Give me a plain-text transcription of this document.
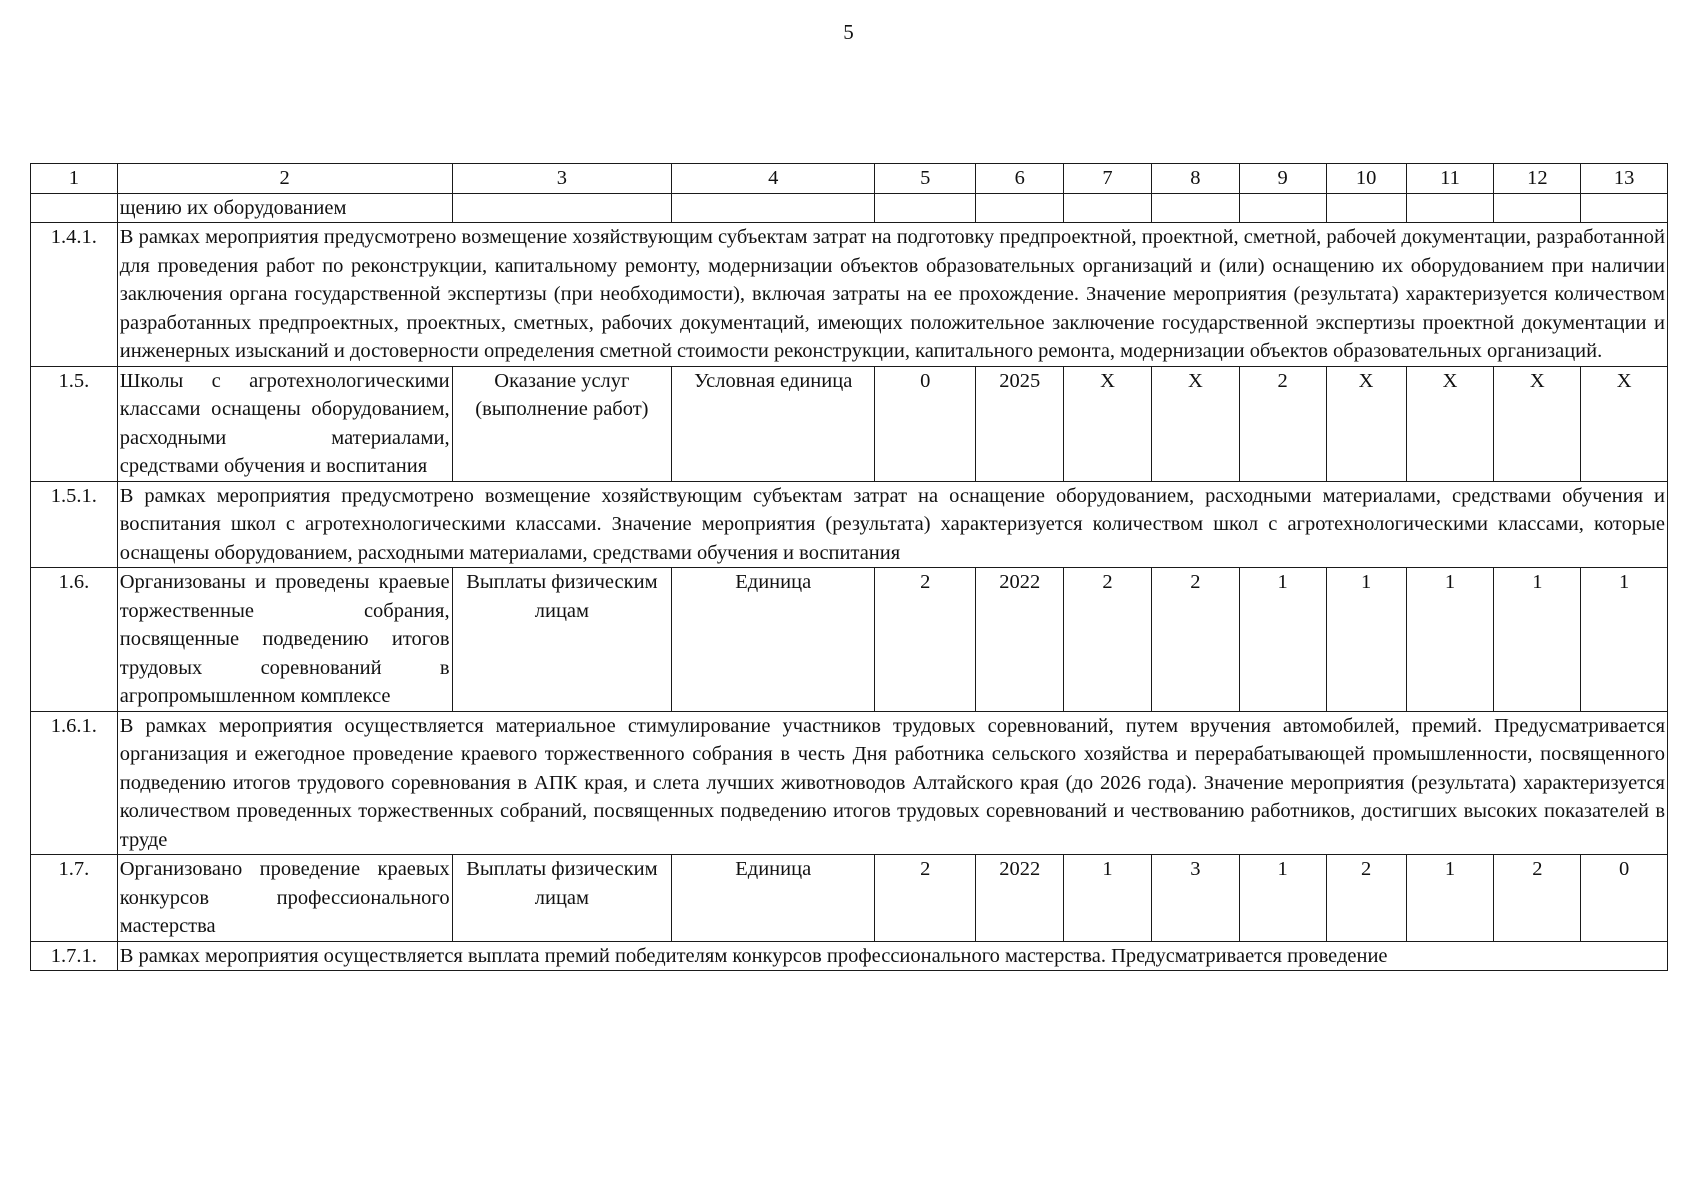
5
1	2	3	4	5	6	7	8	9	10	11	12	13
	щению их оборудованием											
1.4.1.	В рамках мероприятия предусмотрено возмещение хозяйствующим субъектам затрат на подготовку предпроектной, проектной, сметной, рабочей документации, разработанной для проведения работ по реконструкции, капитальному ремонту, модернизации объектов образовательных организаций и (или) оснащению их оборудованием при наличии заключения органа государственной экспертизы (при необходимости), включая затраты на ее прохождение. Значение мероприятия (результата) характеризуется количеством разработанных предпроектных, проектных, сметных, рабочих документаций, имеющих положительное заключение государственной экспертизы проектной документации и инженерных изысканий и достоверности определения сметной стоимости реконструкции, капитального ремонта, модернизации объектов образовательных организаций.											
1.5.	Школы с агротехнологическими классами оснащены оборудованием, расходными материалами, средствами обучения и воспитания	Оказание услуг (выполнение работ)	Условная единица	0	2025	X	X	2	X	X	X	X
1.5.1.	В рамках мероприятия предусмотрено возмещение хозяйствующим субъектам затрат на оснащение оборудованием, расходными материалами, средствами обучения и воспитания школ с агротехнологическими классами. Значение мероприятия (результата) характеризуется количеством школ с агротехнологическими классами, которые оснащены оборудованием, расходными материалами, средствами обучения и воспитания											
1.6.	Организованы и проведены краевые торжественные собрания, посвященные подведению итогов трудовых соревнований в агропромышленном комплексе	Выплаты физическим лицам	Единица	2	2022	2	2	1	1	1	1	1
1.6.1.	В рамках мероприятия осуществляется материальное стимулирование участников трудовых соревнований, путем вручения автомобилей, премий. Предусматривается организация и ежегодное проведение краевого торжественного собрания в честь Дня работника сельского хозяйства и перерабатывающей промышленности, посвященного подведению итогов трудового соревнования в АПК края, и слета лучших животноводов Алтайского края (до 2026 года). Значение мероприятия (результата) характеризуется количеством проведенных торжественных собраний, посвященных подведению итогов трудовых соревнований и чествованию работников, достигших высоких показателей в труде											
1.7.	Организовано проведение краевых конкурсов профессионального мастерства	Выплаты физическим лицам	Единица	2	2022	1	3	1	2	1	2	0
1.7.1.	В рамках мероприятия осуществляется выплата премий победителям конкурсов профессионального мастерства. Предусматривается проведение											
